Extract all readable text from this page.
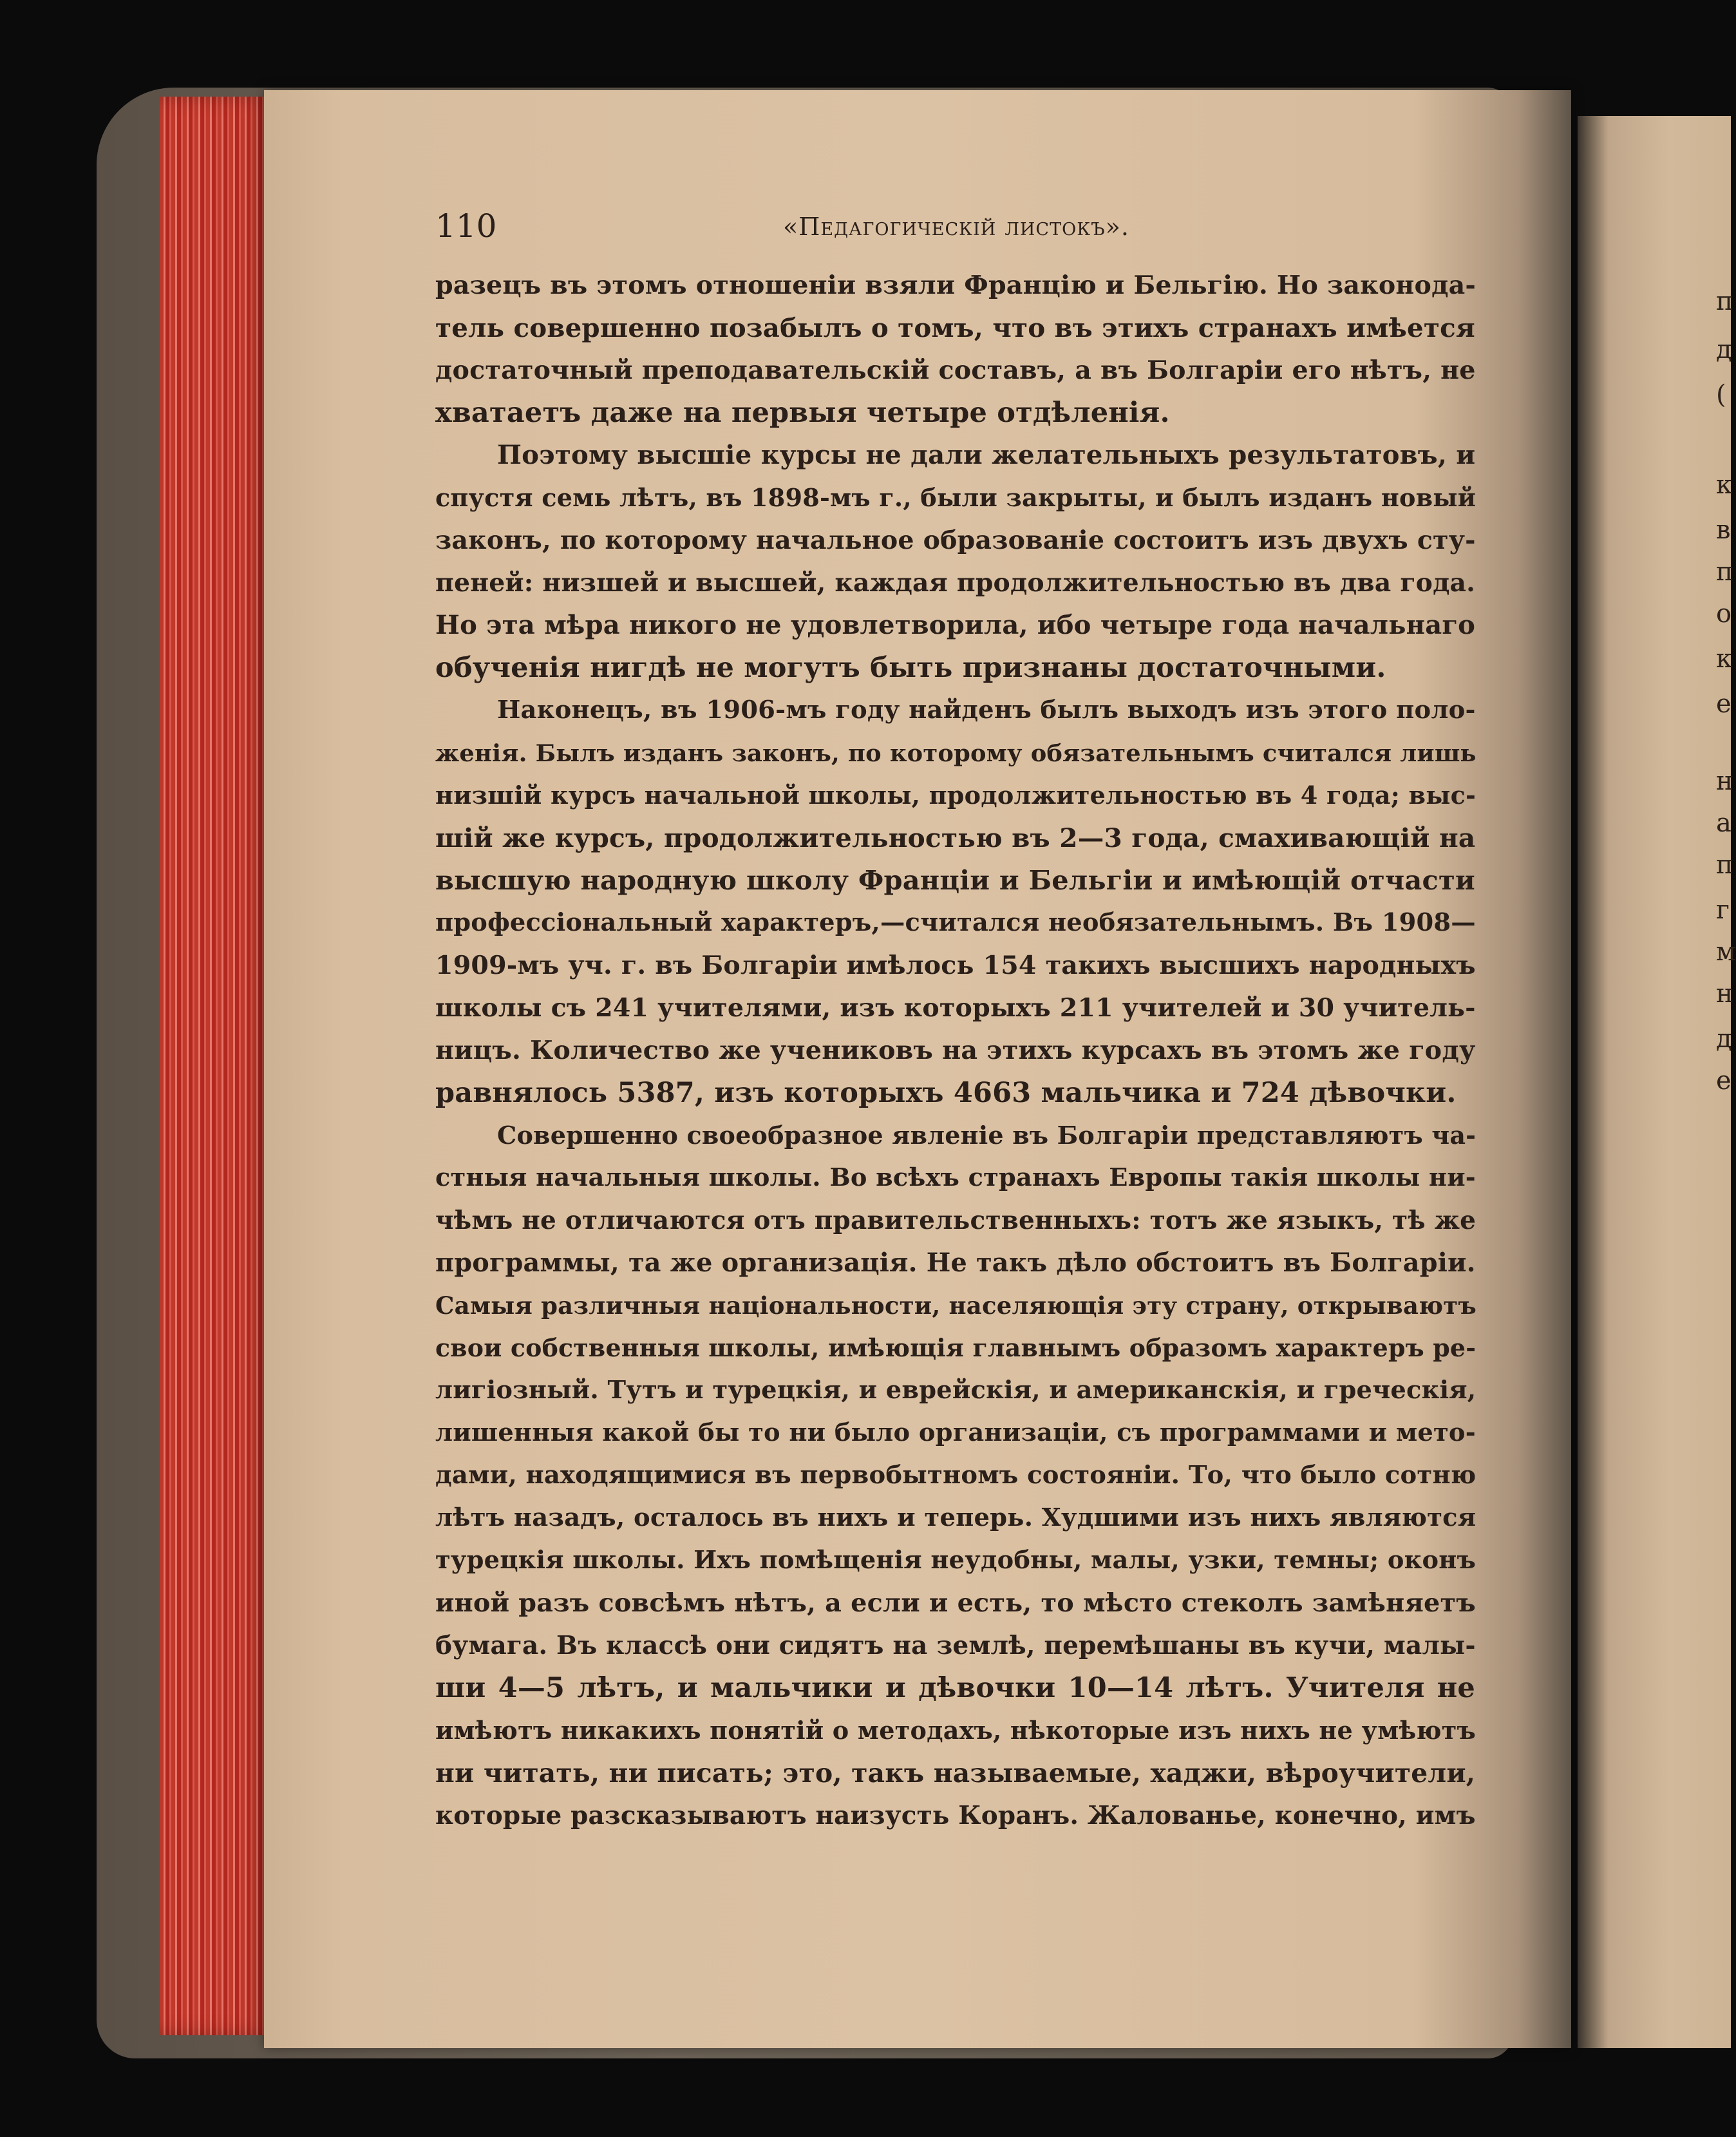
п
д
(
к
в
п
о
к
е
н
а
п
г
м
н
д
е
110	«Педагогическій листокъ».
разецъ въ этомъ отношеніи взяли Францію и Бельгію. Но законода-
тель совершенно позабылъ о томъ, что въ этихъ странахъ имѣется
достаточный преподавательскій составъ, а въ Болгаріи его нѣтъ, не
хватаетъ даже на первыя четыре отдѣленія.
Поэтому высшіе курсы не дали желательныхъ результатовъ, и
спустя семь лѣтъ, въ 1898-мъ г., были закрыты, и былъ изданъ новый
законъ, по которому начальное образованіе состоитъ изъ двухъ сту-
пеней: низшей и высшей, каждая продолжительностью въ два года.
Но эта мѣра никого не удовлетворила, ибо четыре года начальнаго
обученія нигдѣ не могутъ быть признаны достаточными.
Наконецъ, въ 1906-мъ году найденъ былъ выходъ изъ этого поло-
женія. Былъ изданъ законъ, по которому обязательнымъ считался лишь
низшій курсъ начальной школы, продолжительностью въ 4 года; выс-
шій же курсъ, продолжительностью въ 2—3 года, смахивающій на
высшую народную школу Франціи и Бельгіи и имѣющій отчасти
профессіональный характеръ,—считался необязательнымъ. Въ 1908—
1909-мъ уч. г. въ Болгаріи имѣлось 154 такихъ высшихъ народныхъ
школы съ 241 учителями, изъ которыхъ 211 учителей и 30 учитель-
ницъ. Количество же учениковъ на этихъ курсахъ въ этомъ же году
равнялось 5387, изъ которыхъ 4663 мальчика и 724 дѣвочки.
Совершенно своеобразное явленіе въ Болгаріи представляютъ ча-
стныя начальныя школы. Во всѣхъ странахъ Европы такія школы ни-
чѣмъ не отличаются отъ правительственныхъ: тотъ же языкъ, тѣ же
программы, та же организація. Не такъ дѣло обстоитъ въ Болгаріи.
Самыя различныя національности, населяющія эту страну, открываютъ
свои собственныя школы, имѣющія главнымъ образомъ характеръ ре-
лигіозный. Тутъ и турецкія, и еврейскія, и американскія, и греческія,
лишенныя какой бы то ни было организаціи, съ программами и мето-
дами, находящимися въ первобытномъ состояніи. То, что было сотню
лѣтъ назадъ, осталось въ нихъ и теперь. Худшими изъ нихъ являются
турецкія школы. Ихъ помѣщенія неудобны, малы, узки, темны; оконъ
иной разъ совсѣмъ нѣтъ, а если и есть, то мѣсто стеколъ замѣняетъ
бумага. Въ классѣ они сидятъ на землѣ, перемѣшаны въ кучи, малы-
ши 4—5 лѣтъ, и мальчики и дѣвочки 10—14 лѣтъ. Учителя не
имѣютъ никакихъ понятій о методахъ, нѣкоторые изъ нихъ не умѣютъ
ни читать, ни писать; это, такъ называемые, хаджи, вѣроучители,
которые разсказываютъ наизусть Коранъ. Жалованье, конечно, имъ
